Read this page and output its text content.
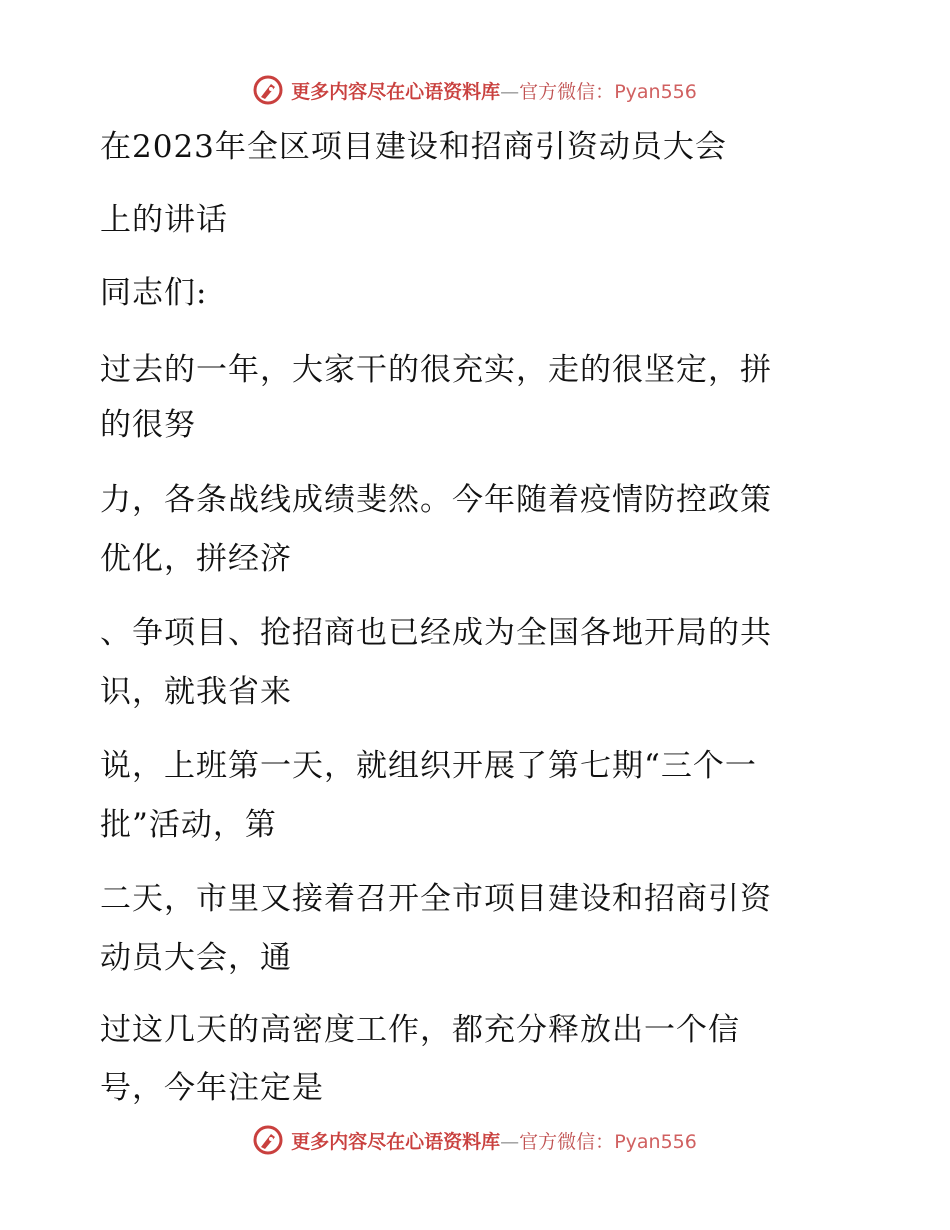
更多内容尽在心语资料库—官方微信：Pyan556
在2023年全区项目建设和招商引资动员大会
上的讲话
同志们:
过去的一年，大家干的很充实，走的很坚定，拼
的很努
力，各条战线成绩斐然。今年随着疫情防控政策
优化，拼经济
、争项目、抢招商也已经成为全国各地开局的共
识，就我省来
说，上班第一天，就组织开展了第七期“三个一
批”活动，第
二天，市里又接着召开全市项目建设和招商引资
动员大会，通
过这几天的高密度工作，都充分释放出一个信
号，今年注定是
更多内容尽在心语资料库—官方微信：Pyan556
